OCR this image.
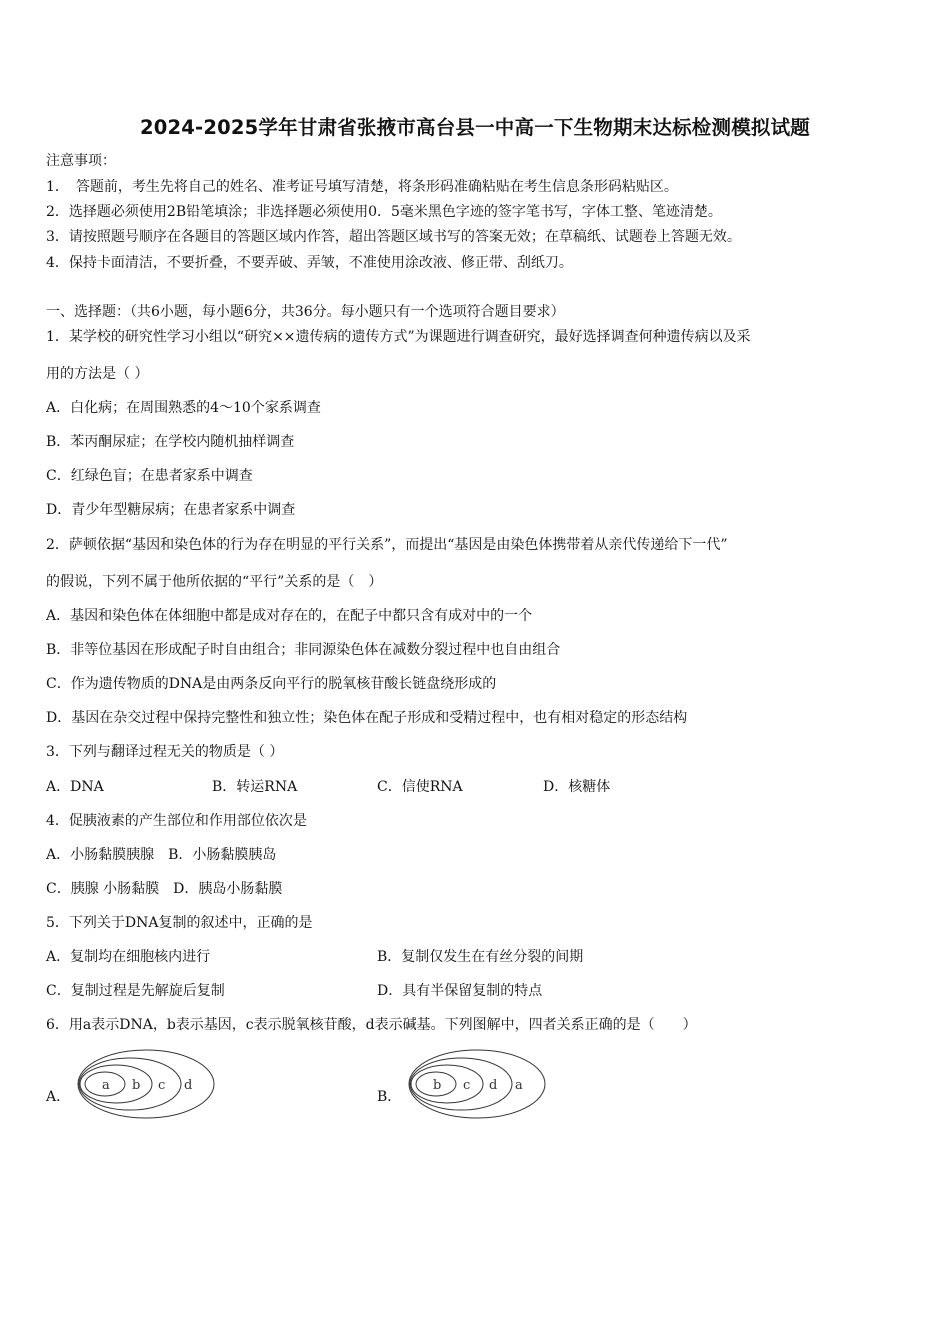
2024-2025学年甘肃省张掖市高台县一中高一下生物期末达标检测模拟试题
注意事项：
1．　答题前，考生先将自己的姓名、准考证号填写清楚，将条形码准确粘贴在考生信息条形码粘贴区。
2．选择题必须使用2B铅笔填涂；非选择题必须使用0．5毫米黑色字迹的签字笔书写，字体工整、笔迹清楚。
3．请按照题号顺序在各题目的答题区域内作答，超出答题区域书写的答案无效；在草稿纸、试题卷上答题无效。
4．保持卡面清洁，不要折叠，不要弄破、弄皱，不准使用涂改液、修正带、刮纸刀。
一、选择题：（共6小题，每小题6分，共36分。每小题只有一个选项符合题目要求）
1．某学校的研究性学习小组以“研究××遗传病的遗传方式”为课题进行调查研究，最好选择调查何种遗传病以及采
用的方法是（ ）
A．白化病；在周围熟悉的4～10个家系调查
B．苯丙酮尿症；在学校内随机抽样调查
C．红绿色盲；在患者家系中调查
D．青少年型糖尿病；在患者家系中调查
2．萨顿依据“基因和染色体的行为存在明显的平行关系”，而提出“基因是由染色体携带着从亲代传递给下一代”
的假说，下列不属于他所依据的“平行”关系的是（　）
A．基因和染色体在体细胞中都是成对存在的，在配子中都只含有成对中的一个
B．非等位基因在形成配子时自由组合；非同源染色体在减数分裂过程中也自由组合
C．作为遗传物质的DNA是由两条反向平行的脱氧核苷酸长链盘绕形成的
D．基因在杂交过程中保持完整性和独立性；染色体在配子形成和受精过程中，也有相对稳定的形态结构
3．下列与翻译过程无关的物质是（ ）
A．DNA	B．转运RNA	C．信使RNA	D．核糖体
4．促胰液素的产生部位和作用部位依次是
A．小肠黏膜胰腺　B．小肠黏膜胰岛
C．胰腺 小肠黏膜　D．胰岛小肠黏膜
5．下列关于DNA复制的叙述中，正确的是
A．复制均在细胞核内进行	B．复制仅发生在有丝分裂的间期
C．复制过程是先解旋后复制	D．具有半保留复制的特点
6．用a表示DNA，b表示基因，c表示脱氧核苷酸，d表示碱基。下列图解中，四者关系正确的是（　　）
A．
a b c d
B．
b c d a
